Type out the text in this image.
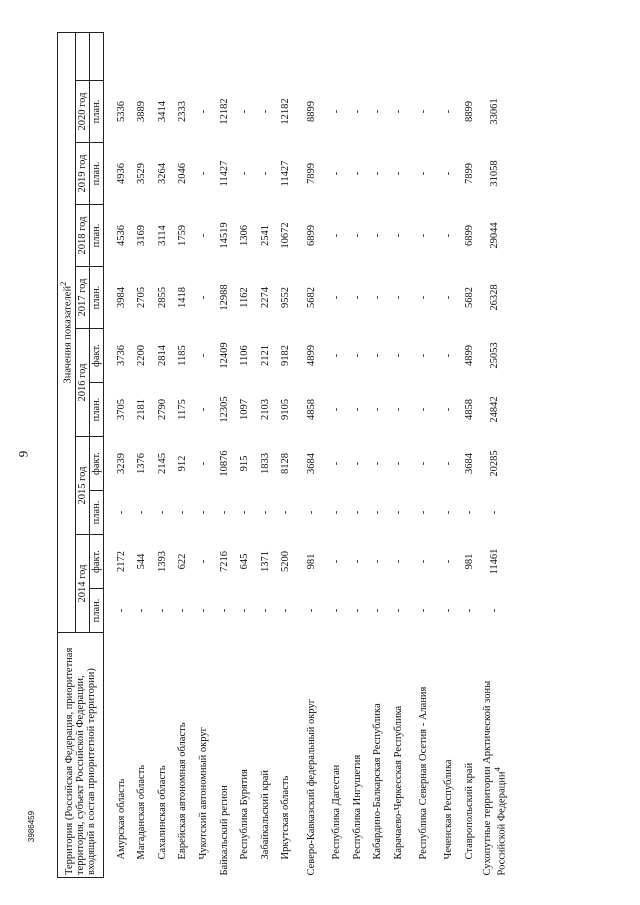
9
3986459	Территория (Российская Федерация, приоритетная территория, субъект Российской Федерации, входящий в состав приоритетной территории)	Значения показателей$^2$
	2014 год		2015 год		2016 год		2017 год	2018 год	2019 год	2020 год	
	план.	факт.	план.	факт.	план.	факт.	план.	план.	план.	план.	
Амурская область	-	2172	-	3239	3705	3736	3984	4536	4936	5336	
Магаданская область	-	544	-	1376	2181	2200	2705	3169	3529	3889	
Сахалинская область	-	1393	-	2145	2790	2814	2855	3114	3264	3414	
Еврейская автономная область	-	622	-	912	1175	1185	1418	1759	2046	2333	
Чукотский автономный округ	-	-	-	-	-	-	-	-	-	-	
Байкальский регион	-	7216	-	10876	12305	12409	12988	14519	11427	12182	
Республика Бурятия	-	645	-	915	1097	1106	1162	1306	-	-	
Забайкальский край	-	1371	-	1833	2103	2121	2274	2541	-	-	
Иркутская область	-	5200	-	8128	9105	9182	9552	10672	11427	12182	
Северо-Кавказский федеральный округ	-	981	-	3684	4858	4899	5682	6899	7899	8899	
Республика Дагестан	-	-	-	-	-	-	-	-	-	-	
Республика Ингушетия	-	-	-	-	-	-	-	-	-	-	
Кабардино-Балкарская Республика	-	-	-	-	-	-	-	-	-	-	
Карачаево-Черкесская Республика	-	-	-	-	-	-	-	-	-	-	
Республика Северная Осетия - Алания	-	-	-	-	-	-	-	-	-	-	
Чеченская Республика	-	-	-	-	-	-	-	-	-	-	
Ставропольский край	-	981	-	3684	4858	4899	5682	6899	7899	8899	
Сухопутные территории Арктической зоны Российской Федерации$^4$	-	11461	-	20285	24842	25053	26328	29044	31058	33061	
